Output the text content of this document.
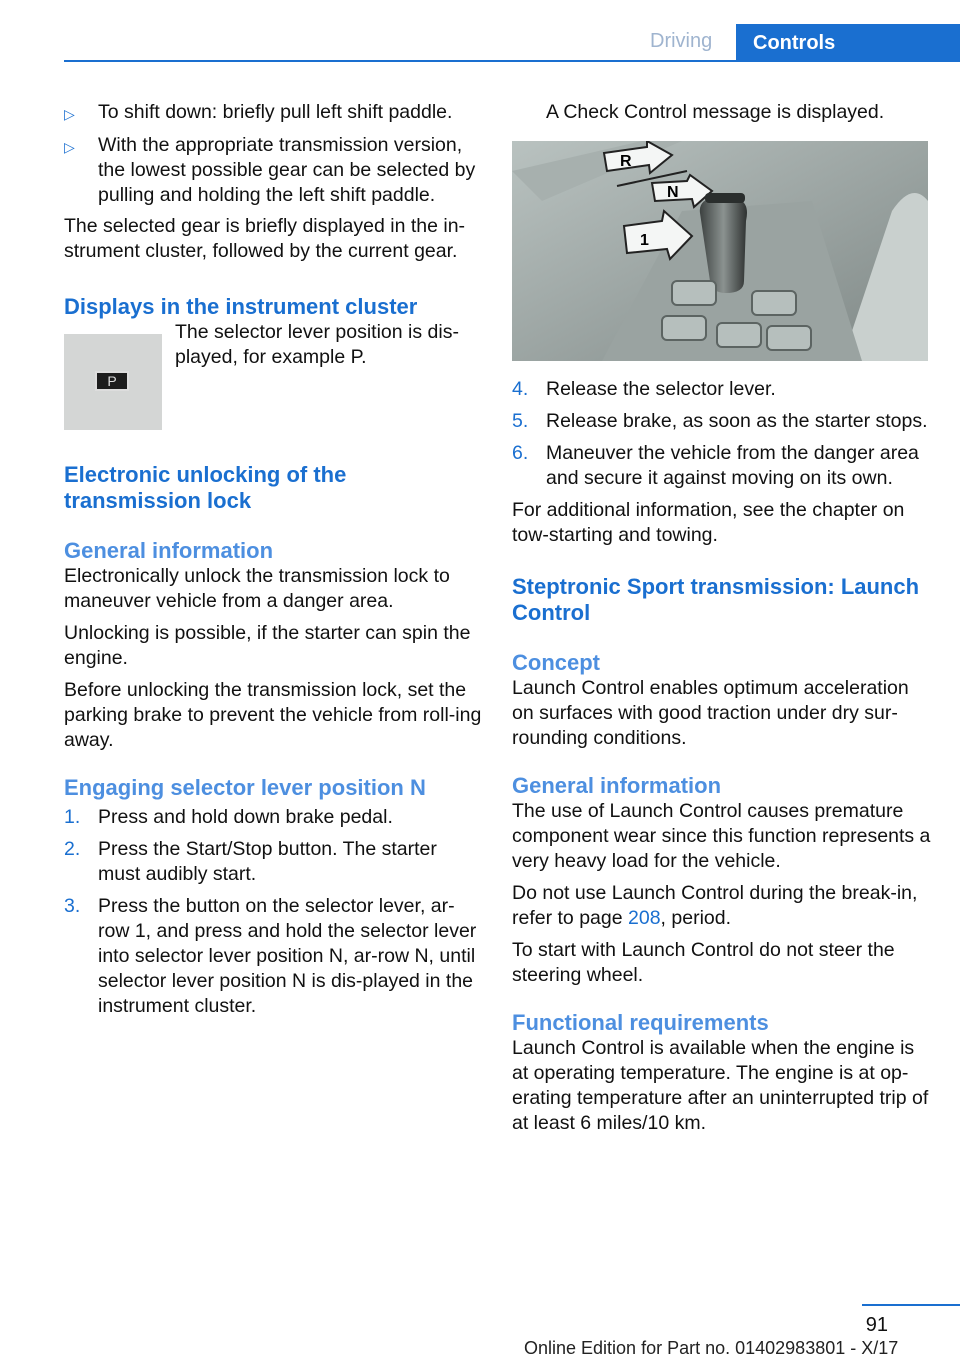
Driving	Controls
▷	To shift down: briefly pull left shift paddle.
▷	With the appropriate transmission version, the lowest possible gear can be selected by pulling and holding the left shift paddle.

The selected gear is briefly displayed in the in‐strument cluster, followed by the current gear.

Displays in the instrument cluster
P
The selector lever position is dis‐played, for example P.
Electronic unlocking of the transmission lock
General information

Electronically unlock the transmission lock to maneuver vehicle from a danger area.

Unlocking is possible, if the starter can spin the engine.

Before unlocking the transmission lock, set the parking brake to prevent the vehicle from roll‐ing away.

Engaging selector lever position N
1. Press and hold down brake pedal.
2. Press the Start/Stop button. The starter must audibly start.
3. Press the button on the selector lever, ar‐row 1, and press and hold the selector lever into selector lever position N, ar‐row N, until selector lever position N is dis‐played in the instrument cluster.

A Check Control message is displayed.

R
N
1
4. Release the selector lever.
5. Release brake, as soon as the starter stops.
6. Maneuver the vehicle from the danger area and secure it against moving on its own.

For additional information, see the chapter on tow-starting and towing.

Steptronic Sport transmission: Launch Control
Concept

Launch Control enables optimum acceleration on surfaces with good traction under dry sur‐rounding conditions.

General information

The use of Launch Control causes premature component wear since this function represents a very heavy load for the vehicle.

Do not use Launch Control during the break-in, refer to page 208, period.

To start with Launch Control do not steer the steering wheel.

Functional requirements

Launch Control is available when the engine is at operating temperature. The engine is at op‐erating temperature after an uninterrupted trip of at least 6 miles/10 km.

91
Online Edition for Part no. 01402983801 - X/17
